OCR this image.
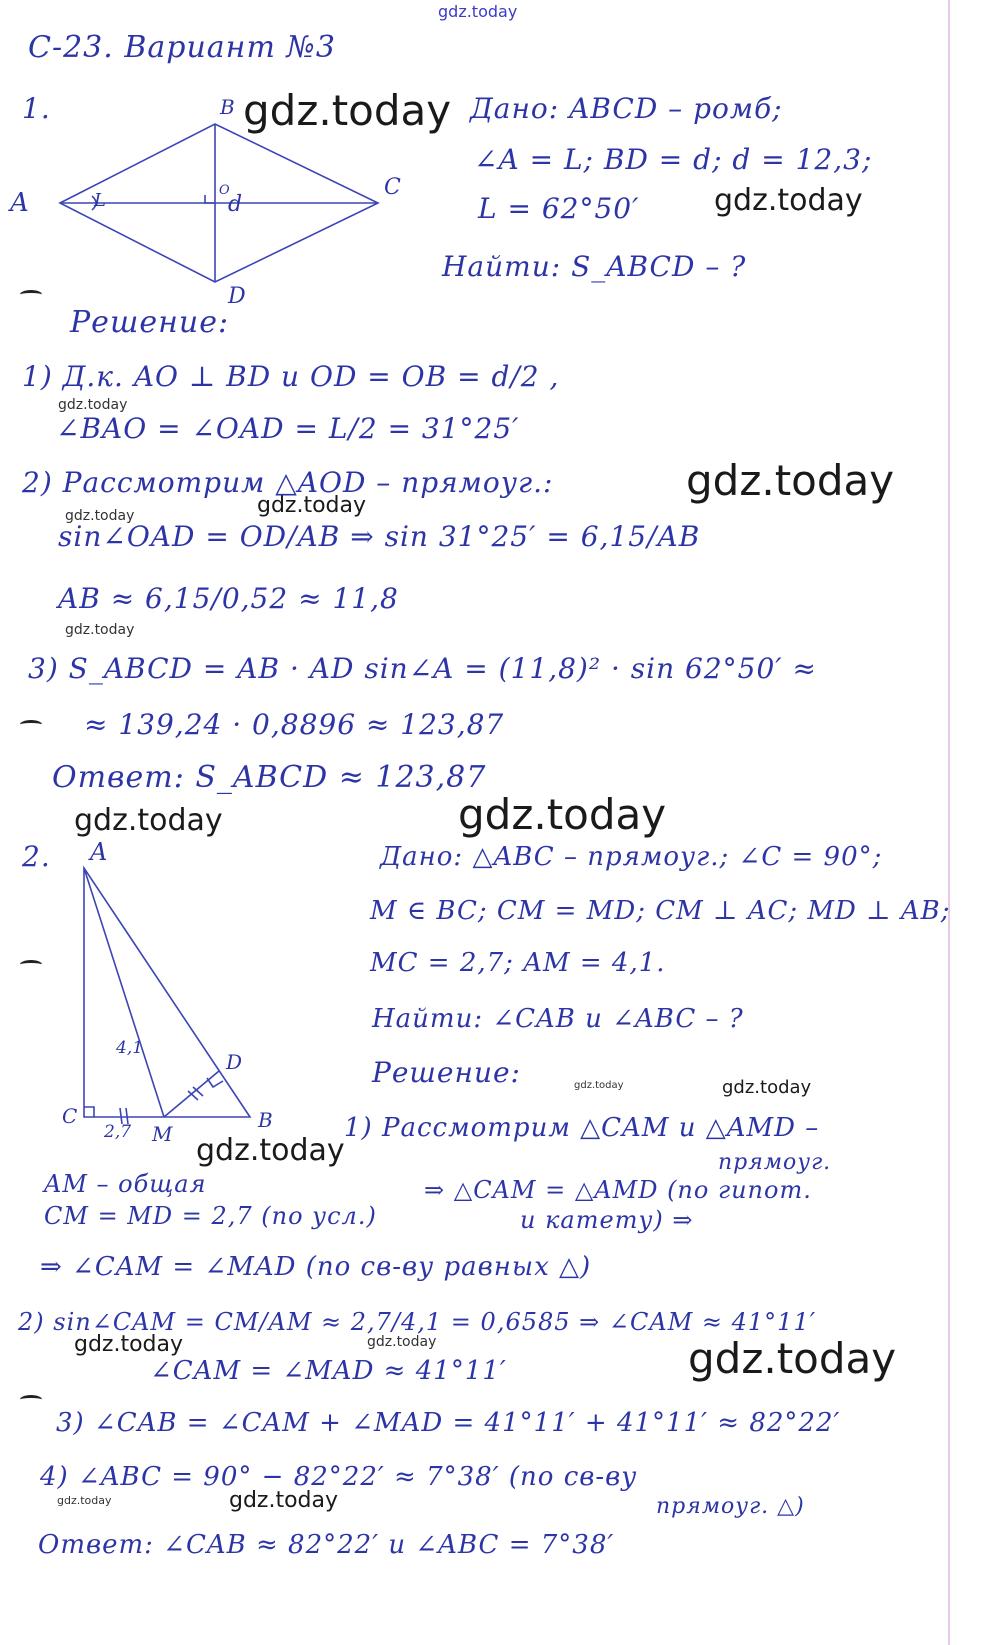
gdz.today
gdz.today
gdz.today
gdz.today
gdz.today
gdz.today
gdz.today
gdz.today
gdz.today	gdz.today
gdz.today	gdz.today
gdz.today
gdz.today	gdz.today	gdz.today
gdz.today	gdz.today
С-23. Вариант №3
1.
A
B
C
D
O
L	d
Дано: ABCD – ромб;
∠A = L; BD = d; d = 12,3;
L = 62°50′
Найти: S_ABCD – ?
Решение:
1) Д.к. AO ⊥ BD и OD = OB = d/2 ,
∠BAO = ∠OAD = L/2 = 31°25′
2) Рассмотрим △AOD – прямоуг.:
sin∠OAD = OD/AB ⇒ sin 31°25′ = 6,15/AB
AB ≈ 6,15/0,52 ≈ 11,8
3) S_ABCD = AB · AD sin∠A = (11,8)² · sin 62°50′ ≈
≈ 139,24 · 0,8896 ≈ 123,87
Ответ: S_ABCD ≈ 123,87
2. A
C	B
D
M
4,1
2,7
Дано: △ABC – прямоуг.; ∠C = 90°;
M ∈ BC; CM = MD; CM ⊥ AC; MD ⊥ AB;
MC = 2,7; AM = 4,1.
Найти: ∠CAB и ∠ABC – ?
Решение:
1) Рассмотрим △CAM и △AMD –
прямоуг.
AM – общая
CM = MD = 2,7 (по усл.)
⇒ △CAM = △AMD (по гипот.
и катету) ⇒
⇒ ∠CAM = ∠MAD (по св-ву равных △)
2) sin∠CAM = CM/AM ≈ 2,7/4,1 = 0,6585 ⇒ ∠CAM ≈ 41°11′
∠CAM = ∠MAD ≈ 41°11′
3) ∠CAB = ∠CAM + ∠MAD = 41°11′ + 41°11′ ≈ 82°22′
4) ∠ABC = 90° − 82°22′ ≈ 7°38′ (по св-ву
прямоуг. △)
Ответ: ∠CAB ≈ 82°22′ и ∠ABC = 7°38′
